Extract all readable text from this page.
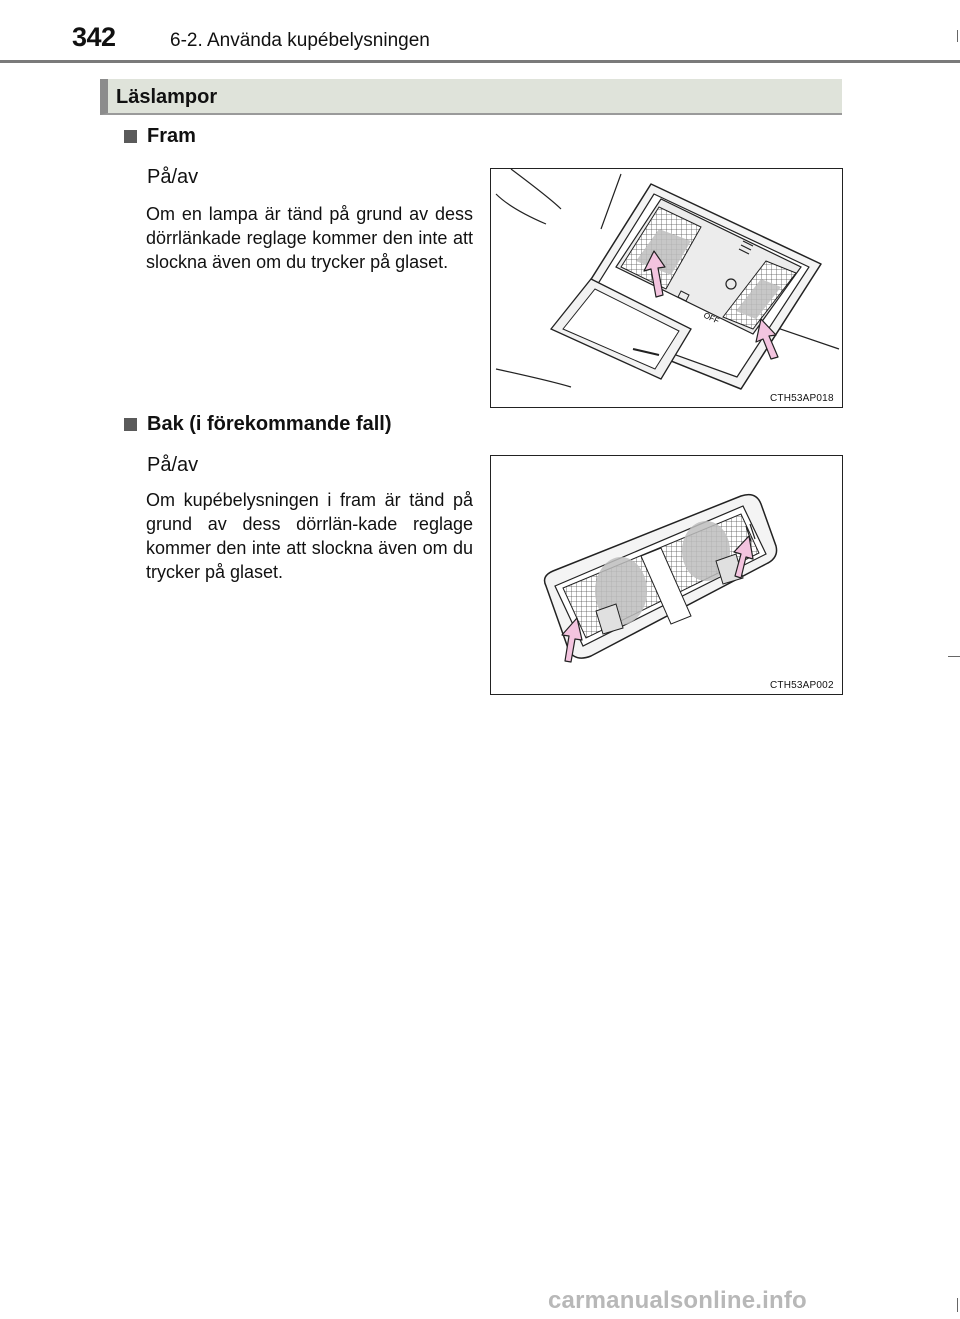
342	6-2. Använda kupébelysningen
Läslampor
Fram
På/av
Om en lampa är tänd på grund av dess dörrlänkade reglage kommer den inte att slockna även om du trycker på glaset.
OFF
CTH53AP018
Bak (i förekommande fall)
På/av
Om kupébelysningen i fram är tänd på grund av dess dörrlän-kade reglage kommer den inte att slockna även om du trycker på glaset.
CTH53AP002
carmanualsonline.info
